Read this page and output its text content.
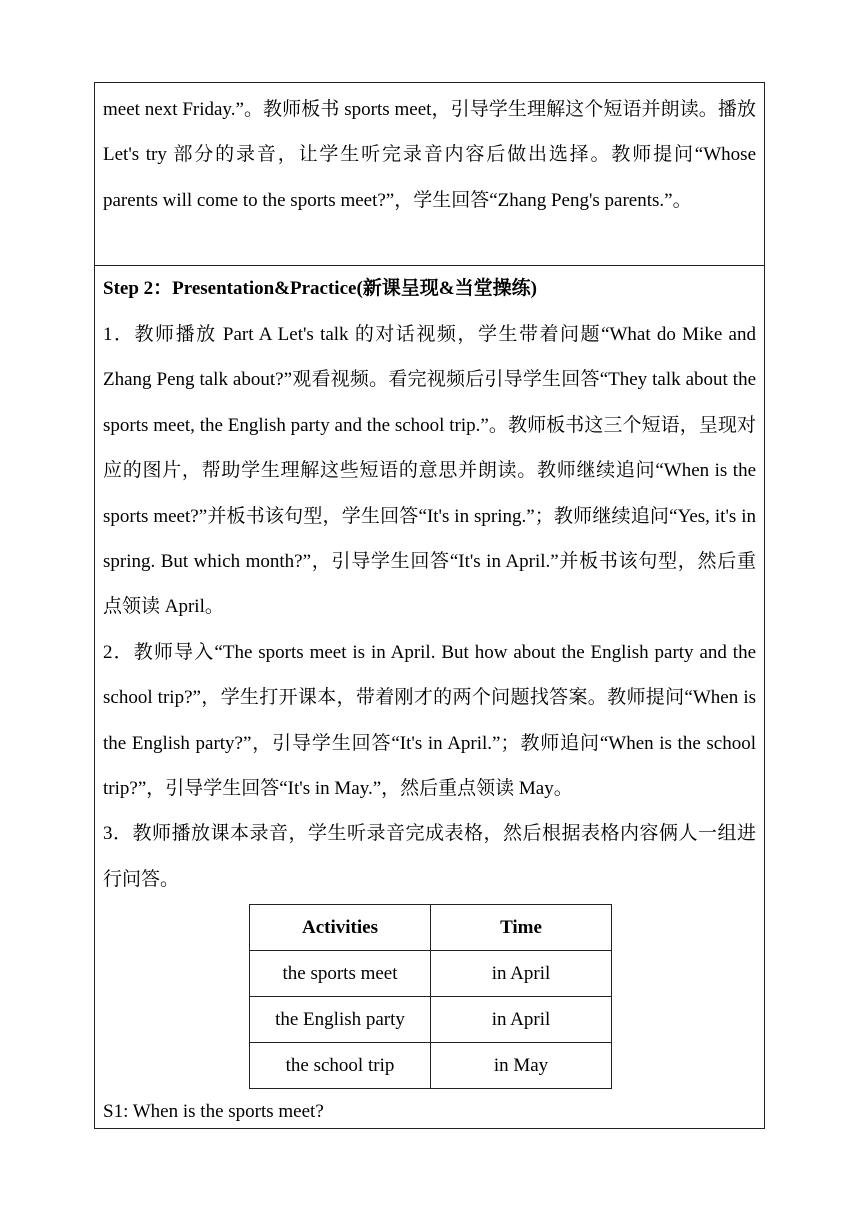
meet next Friday.”。教师板书 sports meet，引导学生理解这个短语并朗读。播放 Let's try 部分的录音，让学生听完录音内容后做出选择。教师提问“Whose parents will come to the sports meet?”，学生回答“Zhang Peng's parents.”。

Step 2：Presentation&Practice(新课呈现&当堂操练)

1．教师播放 Part A Let's talk 的对话视频，学生带着问题“What do Mike and Zhang Peng talk about?”观看视频。看完视频后引导学生回答“They talk about the sports meet, the English party and the school trip.”。教师板书这三个短语，呈现对应的图片，帮助学生理解这些短语的意思并朗读。教师继续追问“When is the sports meet?”并板书该句型，学生回答“It's in spring.”；教师继续追问“Yes, it's in spring. But which month?”，引导学生回答“It's in April.”并板书该句型，然后重点领读 April。

2．教师导入“The sports meet is in April. But how about the English party and the school trip?”，学生打开课本，带着刚才的两个问题找答案。教师提问“When is the English party?”，引导学生回答“It's in April.”；教师追问“When is the school trip?”，引导学生回答“It's in May.”，然后重点领读 May。

3．教师播放课本录音，学生听录音完成表格，然后根据表格内容俩人一组进行问答。

Activities	Time
the sports meet	in April
the English party	in April
the school trip	in May

S1: When is the sports meet?
